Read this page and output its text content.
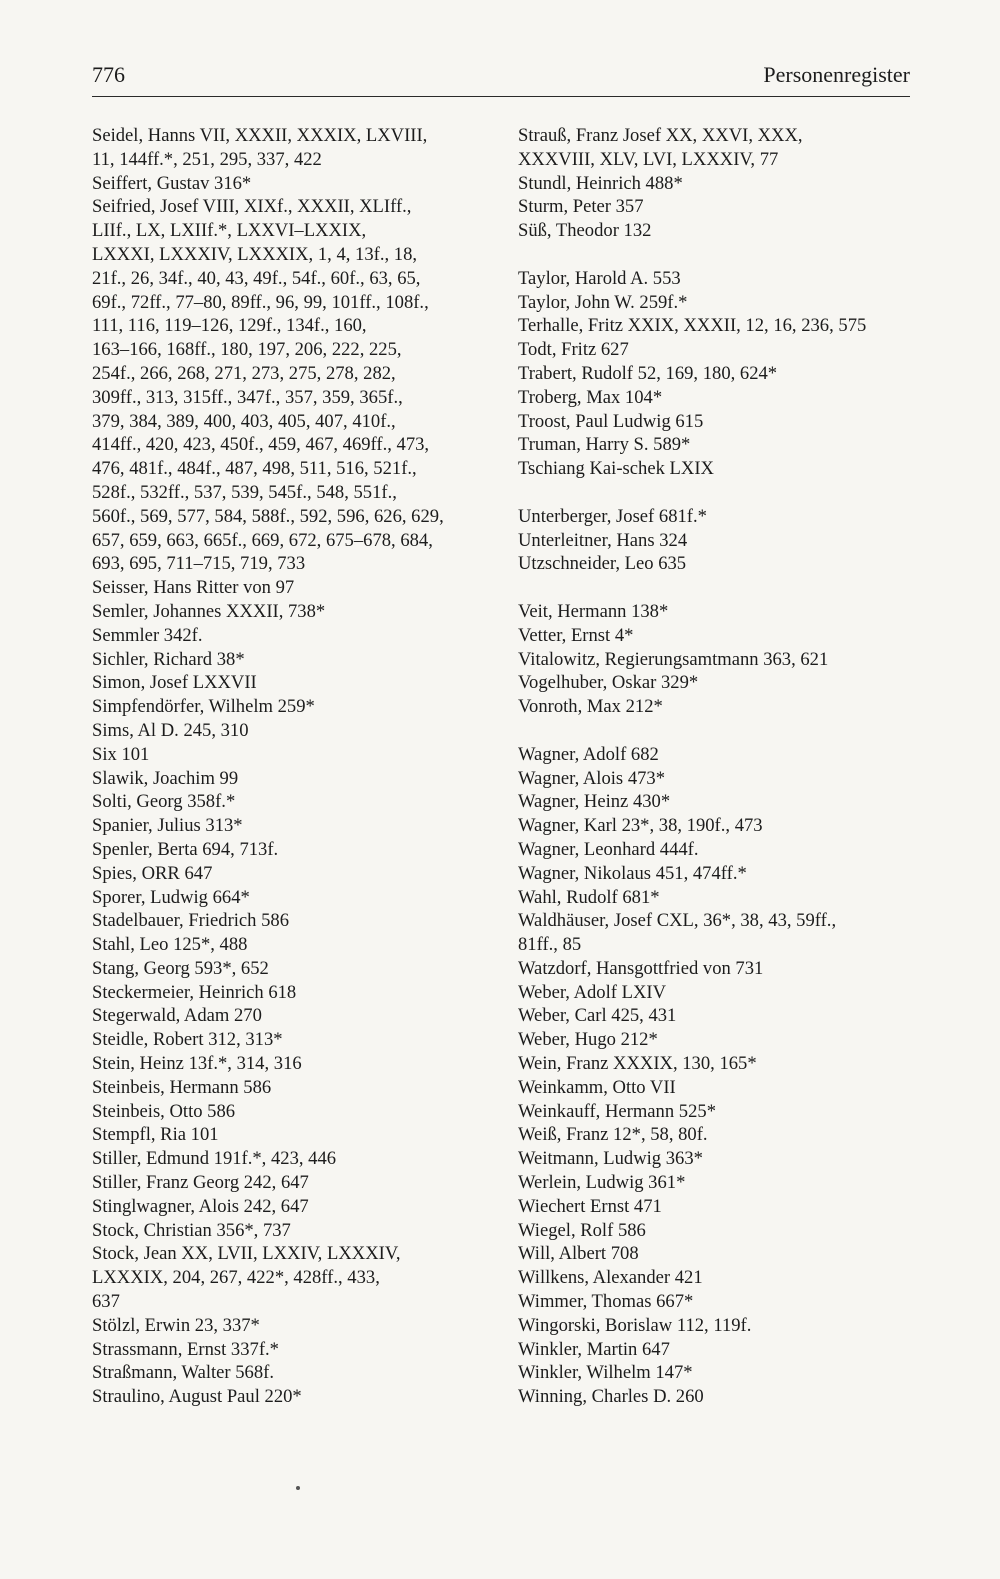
776	Personenregister
Seidel, Hanns VII, XXXII, XXXIX, LXVIII,
11, 144ff.*, 251, 295, 337, 422
Seiffert, Gustav 316*
Seifried, Josef VIII, XIXf., XXXII, XLIff.,
LIIf., LX, LXIIf.*, LXXVI–LXXIX,
LXXXI, LXXXIV, LXXXIX, 1, 4, 13f., 18,
21f., 26, 34f., 40, 43, 49f., 54f., 60f., 63, 65,
69f., 72ff., 77–80, 89ff., 96, 99, 101ff., 108f.,
111, 116, 119–126, 129f., 134f., 160,
163–166, 168ff., 180, 197, 206, 222, 225,
254f., 266, 268, 271, 273, 275, 278, 282,
309ff., 313, 315ff., 347f., 357, 359, 365f.,
379, 384, 389, 400, 403, 405, 407, 410f.,
414ff., 420, 423, 450f., 459, 467, 469ff., 473,
476, 481f., 484f., 487, 498, 511, 516, 521f.,
528f., 532ff., 537, 539, 545f., 548, 551f.,
560f., 569, 577, 584, 588f., 592, 596, 626, 629,
657, 659, 663, 665f., 669, 672, 675–678, 684,
693, 695, 711–715, 719, 733
Seisser, Hans Ritter von 97
Semler, Johannes XXXII, 738*
Semmler 342f.
Sichler, Richard 38*
Simon, Josef LXXVII
Simpfendörfer, Wilhelm 259*
Sims, Al D. 245, 310
Six 101
Slawik, Joachim 99
Solti, Georg 358f.*
Spanier, Julius 313*
Spenler, Berta 694, 713f.
Spies, ORR 647
Sporer, Ludwig 664*
Stadelbauer, Friedrich 586
Stahl, Leo 125*, 488
Stang, Georg 593*, 652
Steckermeier, Heinrich 618
Stegerwald, Adam 270
Steidle, Robert 312, 313*
Stein, Heinz 13f.*, 314, 316
Steinbeis, Hermann 586
Steinbeis, Otto 586
Stempfl, Ria 101
Stiller, Edmund 191f.*, 423, 446
Stiller, Franz Georg 242, 647
Stinglwagner, Alois 242, 647
Stock, Christian 356*, 737
Stock, Jean XX, LVII, LXXIV, LXXXIV,
LXXXIX, 204, 267, 422*, 428ff., 433,
637
Stölzl, Erwin 23, 337*
Strassmann, Ernst 337f.*
Straßmann, Walter 568f.
Straulino, August Paul 220*
Strauß, Franz Josef XX, XXVI, XXX,
XXXVIII, XLV, LVI, LXXXIV, 77
Stundl, Heinrich 488*
Sturm, Peter 357
Süß, Theodor 132
Taylor, Harold A. 553
Taylor, John W. 259f.*
Terhalle, Fritz XXIX, XXXII, 12, 16, 236, 575
Todt, Fritz 627
Trabert, Rudolf 52, 169, 180, 624*
Troberg, Max 104*
Troost, Paul Ludwig 615
Truman, Harry S. 589*
Tschiang Kai-schek LXIX
Unterberger, Josef 681f.*
Unterleitner, Hans 324
Utzschneider, Leo 635
Veit, Hermann 138*
Vetter, Ernst 4*
Vitalowitz, Regierungsamtmann 363, 621
Vogelhuber, Oskar 329*
Vonroth, Max 212*
Wagner, Adolf 682
Wagner, Alois 473*
Wagner, Heinz 430*
Wagner, Karl 23*, 38, 190f., 473
Wagner, Leonhard 444f.
Wagner, Nikolaus 451, 474ff.*
Wahl, Rudolf 681*
Waldhäuser, Josef CXL, 36*, 38, 43, 59ff.,
81ff., 85
Watzdorf, Hansgottfried von 731
Weber, Adolf LXIV
Weber, Carl 425, 431
Weber, Hugo 212*
Wein, Franz XXXIX, 130, 165*
Weinkamm, Otto VII
Weinkauff, Hermann 525*
Weiß, Franz 12*, 58, 80f.
Weitmann, Ludwig 363*
Werlein, Ludwig 361*
Wiechert Ernst 471
Wiegel, Rolf 586
Will, Albert 708
Willkens, Alexander 421
Wimmer, Thomas 667*
Wingorski, Borislaw 112, 119f.
Winkler, Martin 647
Winkler, Wilhelm 147*
Winning, Charles D. 260
